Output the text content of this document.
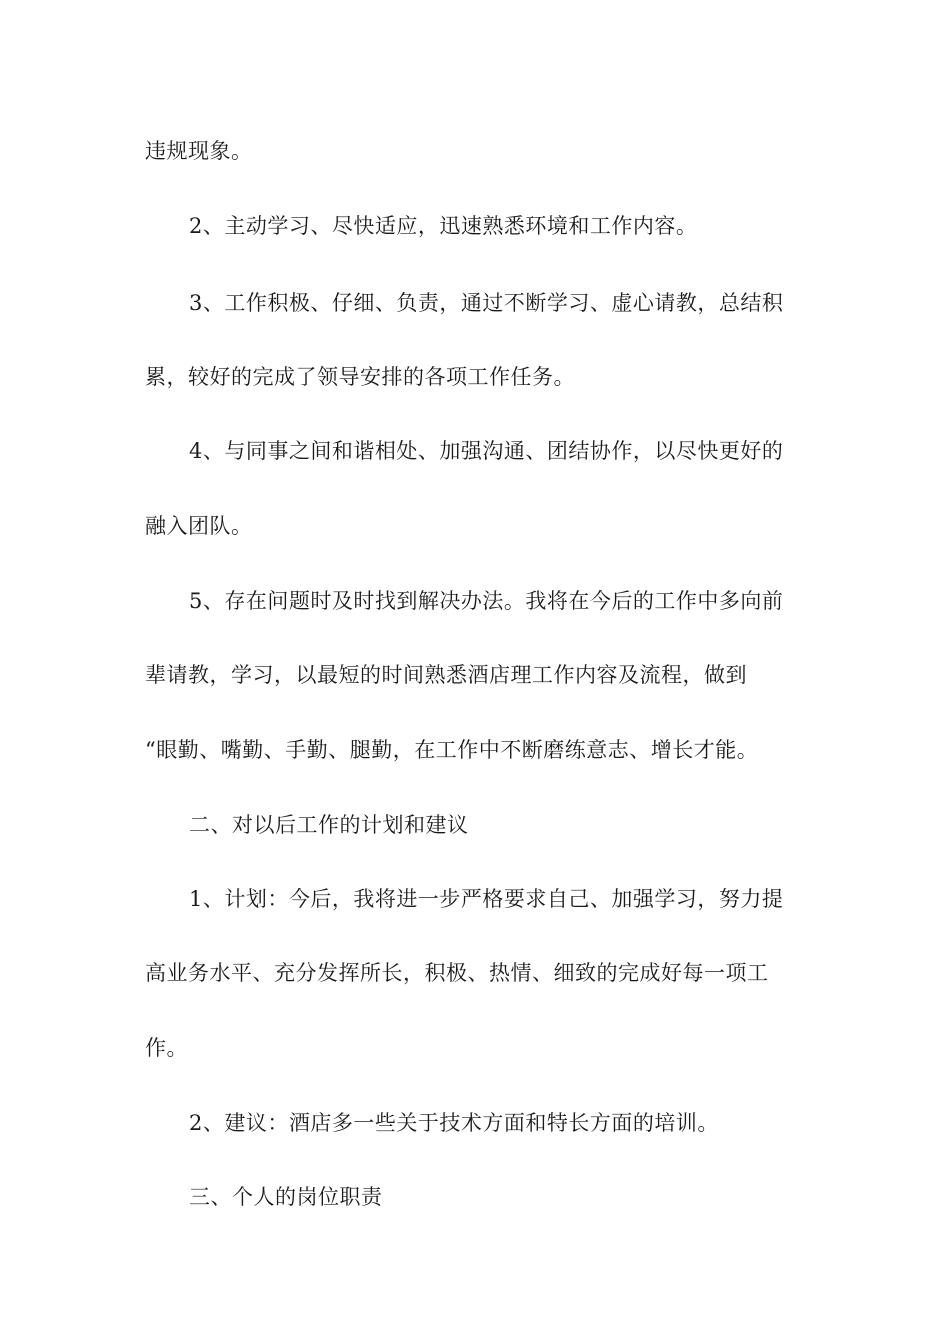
违规现象。
2、主动学习、尽快适应，迅速熟悉环境和工作内容。
3、工作积极、仔细、负责，通过不断学习、虚心请教，总结积
累，较好的完成了领导安排的各项工作任务。
4、与同事之间和谐相处、加强沟通、团结协作，以尽快更好的
融入团队。
5、存在问题时及时找到解决办法。我将在今后的工作中多向前
辈请教，学习，以最短的时间熟悉酒店理工作内容及流程，做到
“眼勤、嘴勤、手勤、腿勤，在工作中不断磨练意志、增长才能。
二、对以后工作的计划和建议
1、计划：今后，我将进一步严格要求自己、加强学习，努力提
高业务水平、充分发挥所长，积极、热情、细致的完成好每一项工
作。
2、建议：酒店多一些关于技术方面和特长方面的培训。
三、个人的岗位职责
